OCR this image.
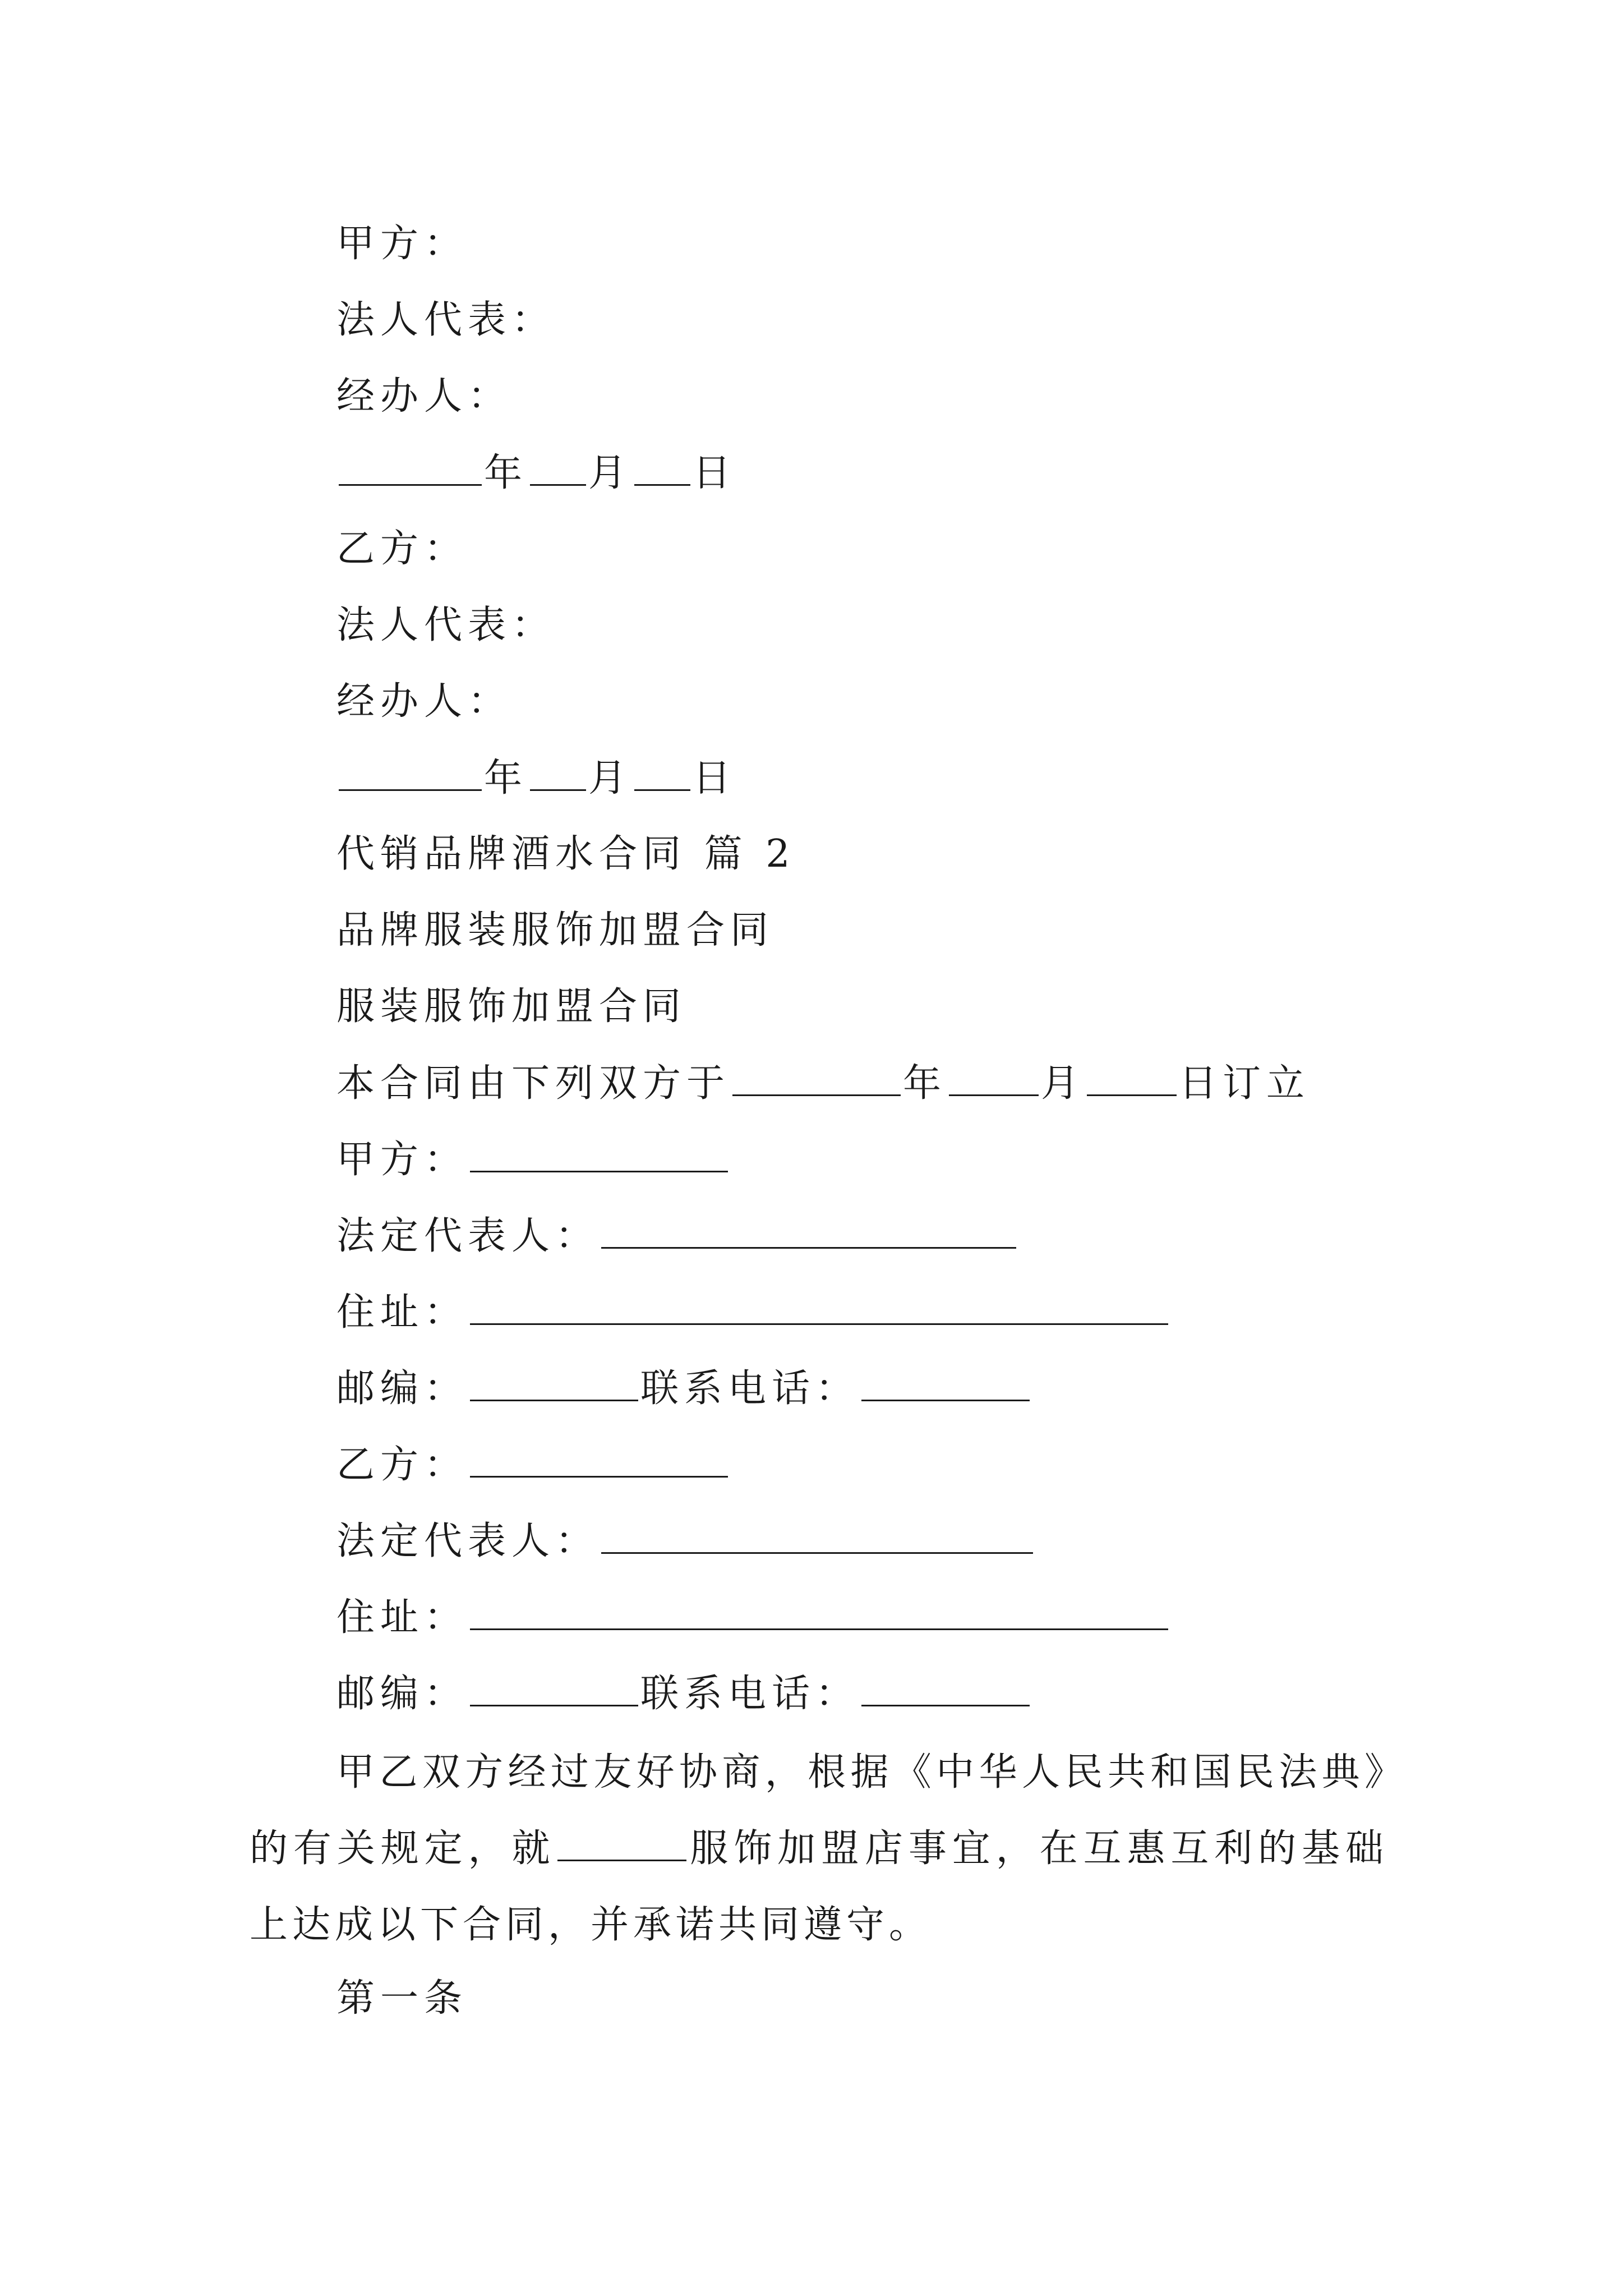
甲方：
法人代表：
经办人：
年 月 日
乙方：
法人代表：
经办人：
年 月 日
代销品牌酒水合同 篇 2
品牌服装服饰加盟合同
服装服饰加盟合同
本合同由下列双方于	年 月 日订立
甲方：
法定代表人：
住址：
邮编：	联系电话：
乙方：
法定代表人：
住址：
邮编：	联系电话：
甲乙双方经过友好协商，根据《中华人民共和国民法典》的有关规定，就	服饰加盟店事宜，在互惠互利的基础上达成以下合同，并承诺共同遵守。
第一条
